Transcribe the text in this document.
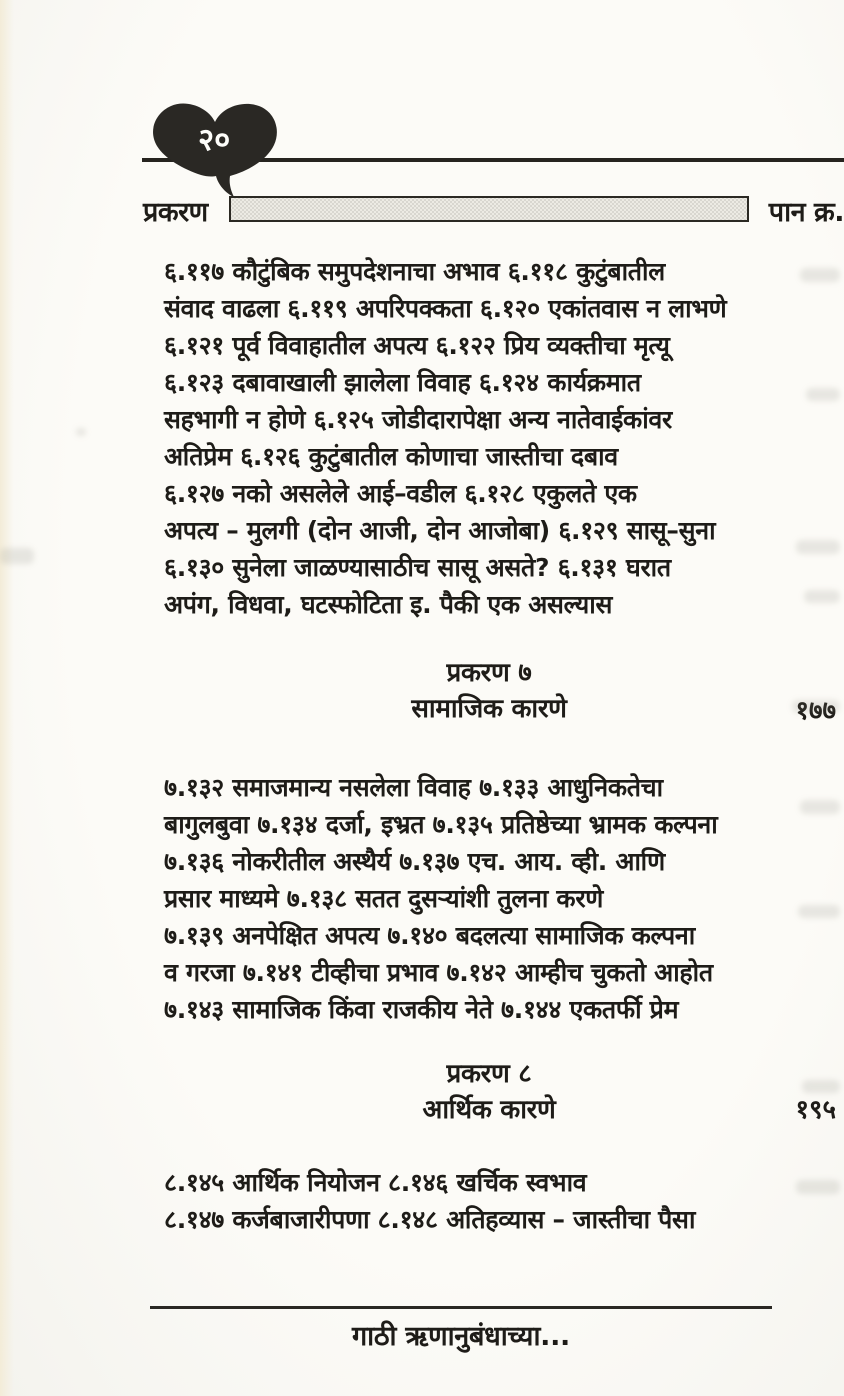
२०
प्रकरण	पान क्र.
६.११७ कौटुंबिक समुपदेशनाचा अभाव ६.११८ कुटुंबातील
संवाद वाढला ६.११९ अपरिपक्कता ६.१२० एकांतवास न लाभणे
६.१२१ पूर्व विवाहातील अपत्य ६.१२२ प्रिय व्यक्तीचा मृत्यू
६.१२३ दबावाखाली झालेला विवाह ६.१२४ कार्यक्रमात
सहभागी न होणे ६.१२५ जोडीदारापेक्षा अन्य नातेवाईकांवर
अतिप्रेम ६.१२६ कुटुंबातील कोणाचा जास्तीचा दबाव
६.१२७ नको असलेले आई–वडील ६.१२८ एकुलते एक
अपत्य – मुलगी (दोन आजी, दोन आजोबा) ६.१२९ सासू–सुना
६.१३० सुनेला जाळण्यासाठीच सासू असते? ६.१३१ घरात
अपंग, विधवा, घटस्फोटिता इ. पैकी एक असल्यास
प्रकरण ७
सामाजिक कारणे	१७७
७.१३२ समाजमान्य नसलेला विवाह ७.१३३ आधुनिकतेचा
बागुलबुवा ७.१३४ दर्जा, इभ्रत ७.१३५ प्रतिष्ठेच्या भ्रामक कल्पना
७.१३६ नोकरीतील अस्थैर्य ७.१३७ एच. आय. व्ही. आणि
प्रसार माध्यमे ७.१३८ सतत दुसऱ्यांशी तुलना करणे
७.१३९ अनपेक्षित अपत्य ७.१४० बदलत्या सामाजिक कल्पना
व गरजा ७.१४१ टीव्हीचा प्रभाव ७.१४२ आम्हीच चुकतो आहोत
७.१४३ सामाजिक किंवा राजकीय नेते ७.१४४ एकतर्फी प्रेम
प्रकरण ८
आर्थिक कारणे	१९५
८.१४५ आर्थिक नियोजन ८.१४६ खर्चिक स्वभाव
८.१४७ कर्जबाजारीपणा ८.१४८ अतिहव्यास – जास्तीचा पैसा
गाठी ऋणानुबंधाच्या...
